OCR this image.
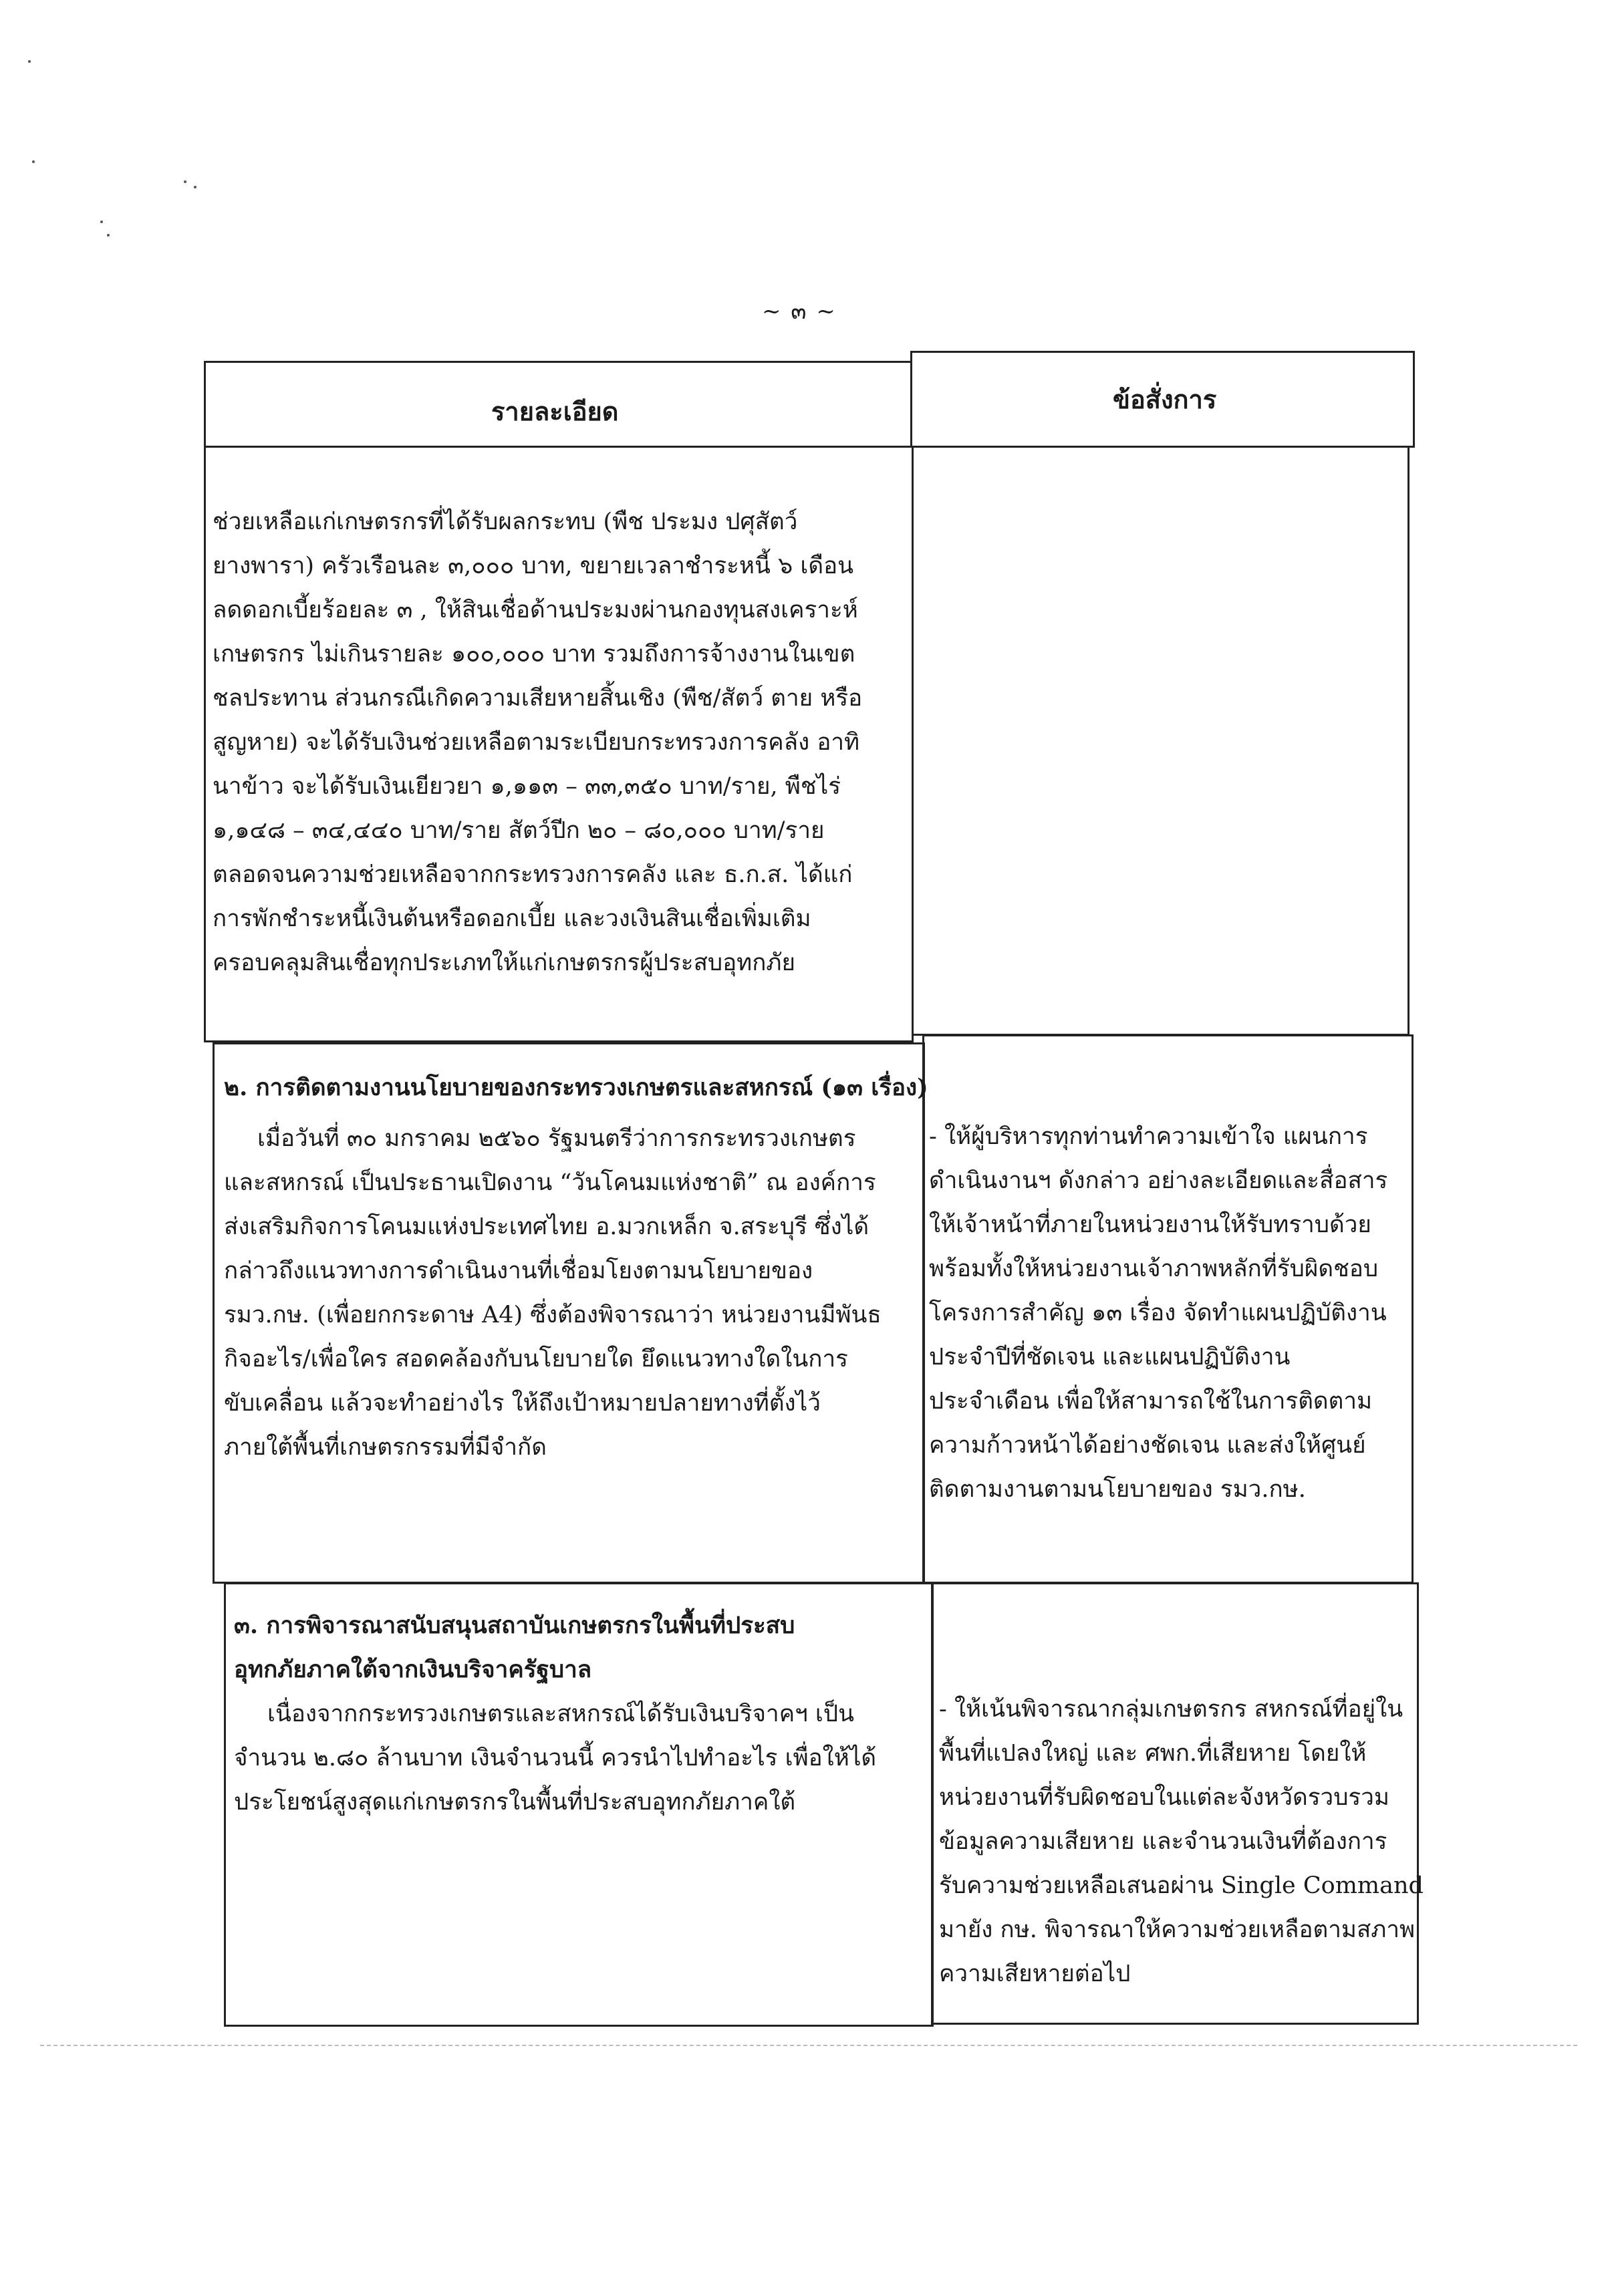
~ ๓ ~
รายละเอียด	ข้อสั่งการ
ช่วยเหลือแก่เกษตรกรที่ได้รับผลกระทบ (พืช ประมง ปศุสัตว์
ยางพารา) ครัวเรือนละ ๓,๐๐๐ บาท, ขยายเวลาชำระหนี้ ๖ เดือน
ลดดอกเบี้ยร้อยละ ๓ , ให้สินเชื่อด้านประมงผ่านกองทุนสงเคราะห์
เกษตรกร ไม่เกินรายละ ๑๐๐,๐๐๐ บาท รวมถึงการจ้างงานในเขต
ชลประทาน ส่วนกรณีเกิดความเสียหายสิ้นเชิง (พืช/สัตว์ ตาย หรือ
สูญหาย) จะได้รับเงินช่วยเหลือตามระเบียบกระทรวงการคลัง อาทิ
นาข้าว จะได้รับเงินเยียวยา ๑,๑๑๓ – ๓๓,๓๕๐ บาท/ราย, พืชไร่
๑,๑๔๘ – ๓๔,๔๔๐ บาท/ราย สัตว์ปีก ๒๐ – ๘๐,๐๐๐ บาท/ราย
ตลอดจนความช่วยเหลือจากกระทรวงการคลัง และ ธ.ก.ส. ได้แก่
การพักชำระหนี้เงินต้นหรือดอกเบี้ย และวงเงินสินเชื่อเพิ่มเติม
ครอบคลุมสินเชื่อทุกประเภทให้แก่เกษตรกรผู้ประสบอุทกภัย
๒. การติดตามงานนโยบายของกระทรวงเกษตรและสหกรณ์ (๑๓ เรื่อง)
เมื่อวันที่ ๓๐ มกราคม ๒๕๖๐ รัฐมนตรีว่าการกระทรวงเกษตร
และสหกรณ์ เป็นประธานเปิดงาน “วันโคนมแห่งชาติ” ณ องค์การ
ส่งเสริมกิจการโคนมแห่งประเทศไทย อ.มวกเหล็ก จ.สระบุรี ซึ่งได้
กล่าวถึงแนวทางการดำเนินงานที่เชื่อมโยงตามนโยบายของ
รมว.กษ. (เพื่อยกกระดาษ A4) ซึ่งต้องพิจารณาว่า หน่วยงานมีพันธ
กิจอะไร/เพื่อใคร สอดคล้องกับนโยบายใด ยึดแนวทางใดในการ
ขับเคลื่อน แล้วจะทำอย่างไร ให้ถึงเป้าหมายปลายทางที่ตั้งไว้
ภายใต้พื้นที่เกษตรกรรมที่มีจำกัด
- ให้ผู้บริหารทุกท่านทำความเข้าใจ แผนการ
ดำเนินงานฯ ดังกล่าว อย่างละเอียดและสื่อสาร
ให้เจ้าหน้าที่ภายในหน่วยงานให้รับทราบด้วย
พร้อมทั้งให้หน่วยงานเจ้าภาพหลักที่รับผิดชอบ
โครงการสำคัญ ๑๓ เรื่อง จัดทำแผนปฏิบัติงาน
ประจำปีที่ชัดเจน และแผนปฏิบัติงาน
ประจำเดือน เพื่อให้สามารถใช้ในการติดตาม
ความก้าวหน้าได้อย่างชัดเจน และส่งให้ศูนย์
ติดตามงานตามนโยบายของ รมว.กษ.
๓. การพิจารณาสนับสนุนสถาบันเกษตรกรในพื้นที่ประสบ
อุทกภัยภาคใต้จากเงินบริจาครัฐบาล
เนื่องจากกระทรวงเกษตรและสหกรณ์ได้รับเงินบริจาคฯ เป็น
จำนวน ๒.๘๐ ล้านบาท เงินจำนวนนี้ ควรนำไปทำอะไร เพื่อให้ได้
ประโยชน์สูงสุดแก่เกษตรกรในพื้นที่ประสบอุทกภัยภาคใต้
- ให้เน้นพิจารณากลุ่มเกษตรกร สหกรณ์ที่อยู่ใน
พื้นที่แปลงใหญ่ และ ศพก.ที่เสียหาย โดยให้
หน่วยงานที่รับผิดชอบในแต่ละจังหวัดรวบรวม
ข้อมูลความเสียหาย และจำนวนเงินที่ต้องการ
รับความช่วยเหลือเสนอผ่าน Single Command
มายัง กษ. พิจารณาให้ความช่วยเหลือตามสภาพ
ความเสียหายต่อไป
